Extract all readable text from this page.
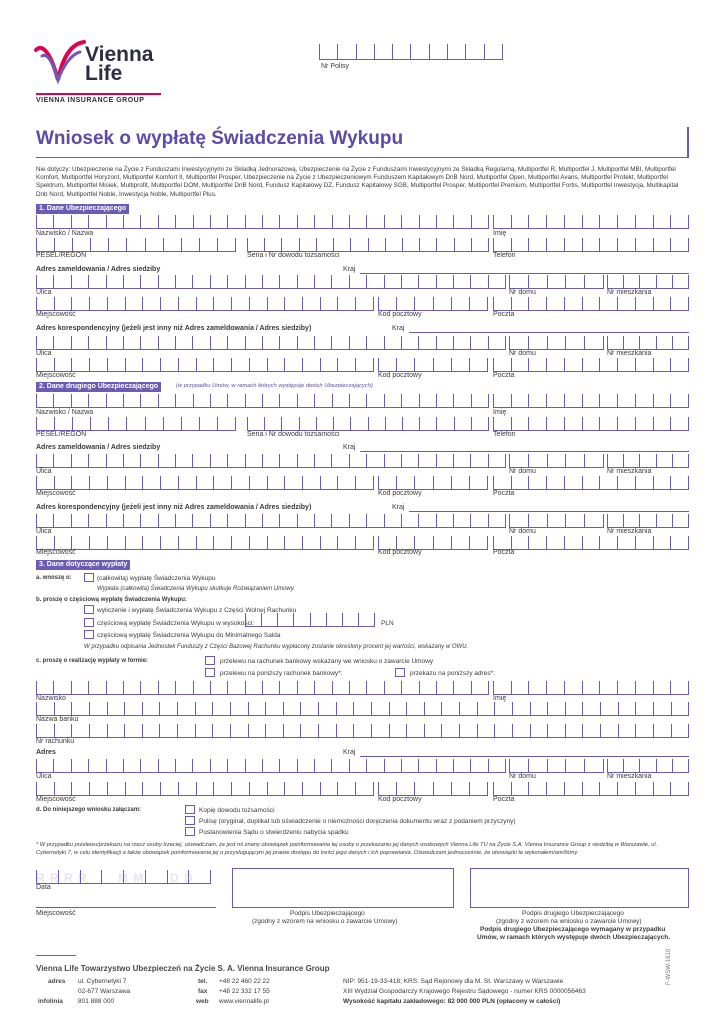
Vienna
Life
VIENNA INSURANCE GROUP
Nr Polisy
Wniosek o wypłatę Świadczenia Wykupu
Nie dotyczy: Ubezpieczenie na Życie z Funduszami Inwestycyjnymi ze Składką Jednorazową, Ubezpieczenie na Życie z Funduszami Inwestycyjnymi ze Składką Regularną, Multiportfel R, Multiportfel J, Multiportfel MBI, Multiportfel Komfort, Multiportfel Horyzont, Multiportfel Komfort II, Multiportfel Prosper, Ubezpieczenie na Życie z Ubezpieczeniowym Funduszem Kapitałowym DnB Nord, Multiportfel Open, Multiportfel Avans, Multiportfel Protekt, Multiportfel Spektrum, Multiportfel Misiek, Multiprofit, Multiportfel DOM, Multiportfel DnB Nord, Fundusz Kapitałowy DZ, Fundusz Kapitałowy SGB, Multiportfel Prosper, Multiportfel Premium, Multiportfel Fortis, Multiportfel Inwestycja, Multikapitał Dnb Nord, Multiportfel Noble, Inwestycja Noble, Multiportfel Plus.
1. Dane Ubezpieczającego
Nazwisko / Nazwa	Imię
PESEL/REGON	Seria i Nr dowodu tożsamości	Telefon
Adres zameldowania / Adres siedziby	Kraj
Ulica	Nr domu	Nr mieszkania
Miejscowość	Kod pocztowy	Poczta
Adres korespondencyjny (jeżeli jest inny niż Adres zameldowania / Adres siedziby)	Kraj
Ulica	Nr domu	Nr mieszkania
Miejscowość	Kod pocztowy	Poczta
2. Dane drugiego Ubezpieczającego	(w przypadku Umów, w ramach których występuje dwóch Ubezpieczających)
Nazwisko / Nazwa	Imię
PESEL/REGON	Seria i Nr dowodu tożsamości	Telefon
Adres zameldowania / Adres siedziby	Kraj
Ulica	Nr domu	Nr mieszkania
Miejscowość	Kod pocztowy	Poczta
Adres korespondencyjny (jeżeli jest inny niż Adres zameldowania / Adres siedziby)	Kraj
Ulica	Nr domu	Nr mieszkania
Miejscowość	Kod pocztowy	Poczta
3. Dane dotyczące wypłaty
a. wnoszę o:	(całkowitą) wypłatę Świadczenia Wykupu
Wypłata (całkowita) Świadczenia Wykupu skutkuje Rozwiązaniem Umowy.
b. proszę o częściową wypłatę Świadczenia Wykupu:
wyliczenie i wypłatę Świadczenia Wykupu z Części Wolnej Rachunku
częściową wypłatę Świadczenia Wykupu w wysokości:	PLN
częściową wypłatę Świadczenia Wykupu do Minimalnego Salda
W przypadku odpisania Jednostek Funduszy z Części Bazowej Rachunku wypłacony zostanie określony procent jej wartości, wskazany w OWU.
c. proszę o realizację wypłaty w formie:	przelewu na rachunek bankowy wskazany we wniosku o zawarcie Umowy
przelewu na poniższy rachunek bankowy*:	przekazu na poniższy adres*:
Nazwisko	Imię
Nazwa banku
Nr rachunku
Adres	Kraj
Ulica	Nr domu	Nr mieszkania
Miejscowość	Kod pocztowy	Poczta
d. Do niniejszego wniosku załączam:	Kopię dowodu tożsamości
Polisę (oryginał, duplikat lub oświadczenie o niemożności doręczenia dokumentu wraz z podaniem przyczyny)
Postanowienia Sądu o stwierdzeniu nabycia spadku
* W przypadku przelewu/przekazu na rzecz osoby trzeciej, oświadczam, że jest mi znany obowiązek poinformowania tej osoby o przekazaniu jej danych osobowych Vienna Life TU na Życie S.A. Vienna Insurance Group z siedzibą w Warszawie, ul. Cybernetyki 7, w celu identyfikacji a także obowiązek poinformowania jej o przysługującym jej prawie dostępu do treści jego danych i ich poprawiania. Oświadczam jednocześnie, że obowiązki te wykonałem/am/liśmy.
R R R R	M M D D
Data
Miejscowość	Podpis Ubezpieczającego
(zgodny z wzorem na wniosku o zawarcie Umowy)
Podpis drugiego Ubezpieczającego
(zgodny z wzorem na wniosku o zawarcie Umowy)
Podpis drugiego Ubezpieczającego wymagany w przypadku
Umów, w ramach których występuje dwóch Ubezpieczających.
Vienna Life Towarzystwo Ubezpieczeń na Życie S. A. Vienna Insurance Group
adres ul. Cybernetyki 7
02-677 Warszawa
infolinia 801 888 000
tel. +48 22 460 22 22
fax +48 22 332 17 55
web www.viennalife.pl
NIP: 951-19-33-418; KRS: Sąd Rejonowy dla M. St. Warszawy w Warszawie
XIII Wydział Gospodarczy Krajowego Rejestru Sądowego - numer KRS 0000056463
Wysokość kapitału zakładowego: 82 000 000 PLN (opłacony w całości)
F-WSW-1610
